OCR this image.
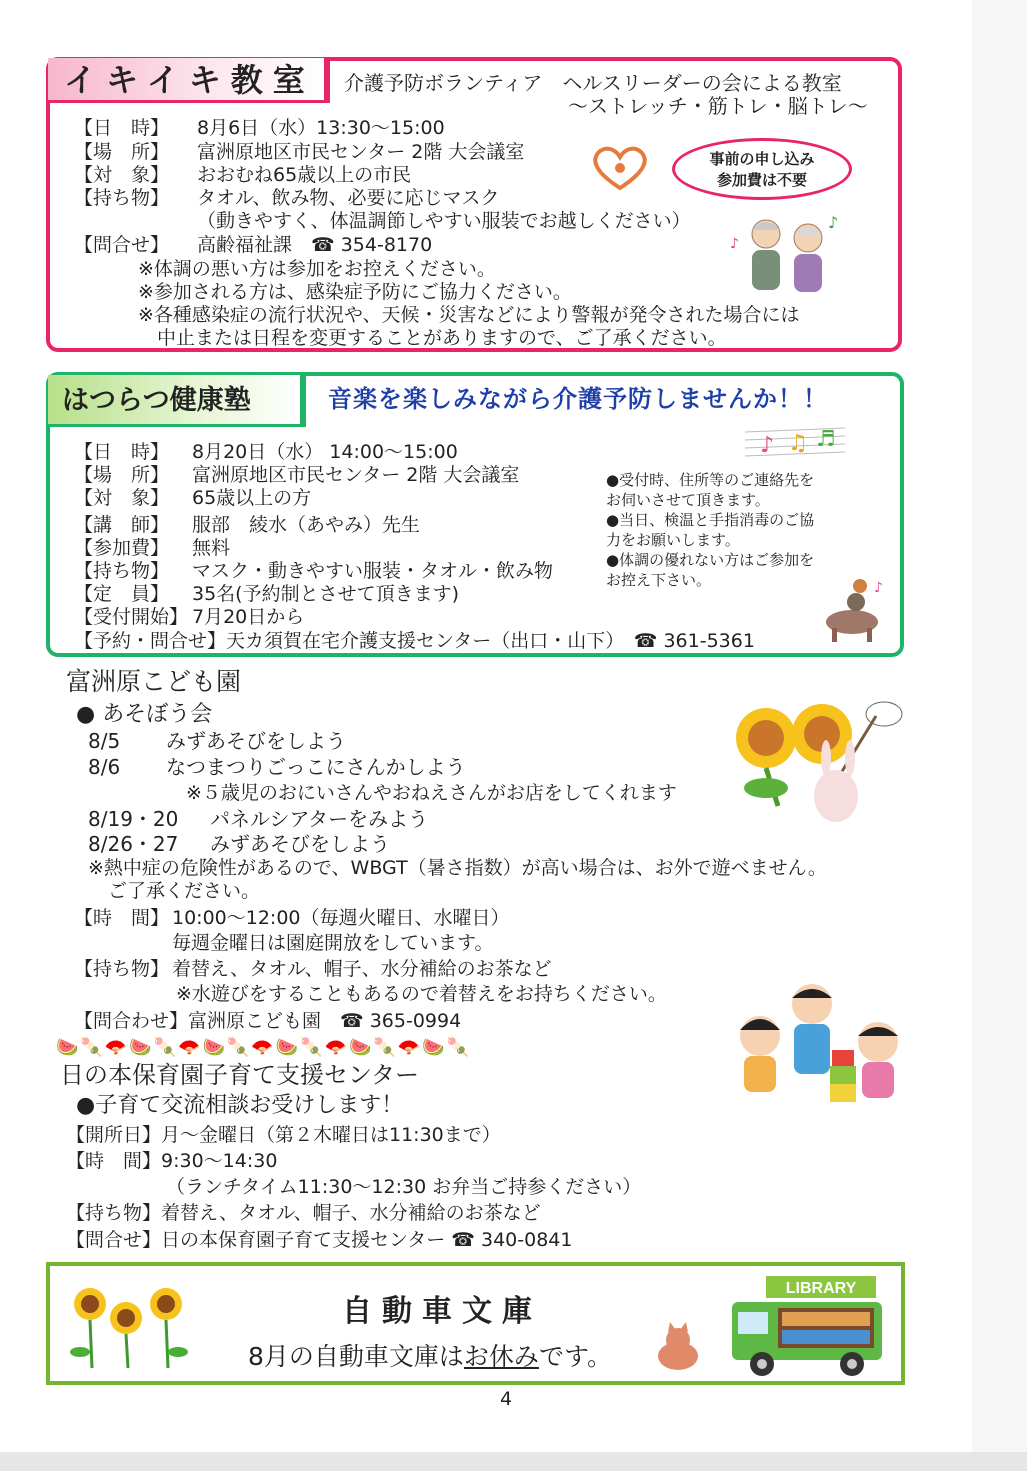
イキイキ教室	介護予防ボランティア　ヘルスリーダーの会による教室
～ストレッチ・筋トレ・脳トレ～
【日　時】 8月6日（水）13:30～15:00
【場　所】 富洲原地区市民センター 2階 大会議室
【対　象】 おおむね65歳以上の市民
【持ち物】 タオル、飲み物、必要に応じマスク
（動きやすく、体温調節しやすい服装でお越しください）
【問合せ】 高齢福祉課　☎ 354-8170
※体調の悪い方は参加をお控えください。
※参加される方は、感染症予防にご協力ください。
※各種感染症の流行状況や、天候・災害などにより警報が発令された場合には
中止または日程を変更することがありますので、ご了承ください。
事前の申し込み
参加費は不要
♪
♪
はつらつ健康塾	音楽を楽しみながら介護予防しませんか！！
【日　時】 8月20日（水） 14:00～15:00
【場　所】 富洲原地区市民センター 2階 大会議室
【対　象】 65歳以上の方
【講　師】 服部　綾水（あやみ）先生
【参加費】 無料
【持ち物】 マスク・動きやすい服装・タオル・飲み物
【定　員】 35名(予約制とさせて頂きます)
【受付開始】 7月20日から
【予約・問合せ】天カ須賀在宅介護支援センター（出口・山下）　☎ 361-5361
●受付時、住所等のご連絡先を
お伺いさせて頂きます。
●当日、検温と手指消毒のご協
力をお願いします。
●体調の優れない方はご参加を
お控え下さい。
♪ ♫ ♬
♪
富洲原こども園
● あそぼう会
8/5 みずあそびをしよう
8/6 なつまつりごっこにさんかしよう
※５歳児のおにいさんやおねえさんがお店をしてくれます
8/19・20 パネルシアターをみよう
8/26・27 みずあそびをしよう
※熱中症の危険性があるので、WBGT（暑さ指数）が高い場合は、お外で遊べません。
ご了承ください。
【時　間】 10:00～12:00（毎週火曜日、水曜日）
毎週金曜日は園庭開放をしています。
【持ち物】 着替え、タオル、帽子、水分補給のお茶など
※水遊びをすることもあるので着替えをお持ちください。
【問合わせ】富洲原こども園　☎ 365-0994
🍉🍡🪭🍉🍡🪭🍉🍡🪭🍉🍡🪭🍉🍡🪭🍉🍡
日の本保育園子育て支援センター
●子育て交流相談お受けします！
【開所日】月～金曜日（第２木曜日は11:30まで）
【時　間】9:30～14:30
（ランチタイム11:30～12:30 お弁当ご持参ください）
【持ち物】着替え、タオル、帽子、水分補給のお茶など
【問合せ】日の本保育園子育て支援センター ☎ 340-0841
自動車文庫
8月の自動車文庫はお休みです。
LIBRARY
4
